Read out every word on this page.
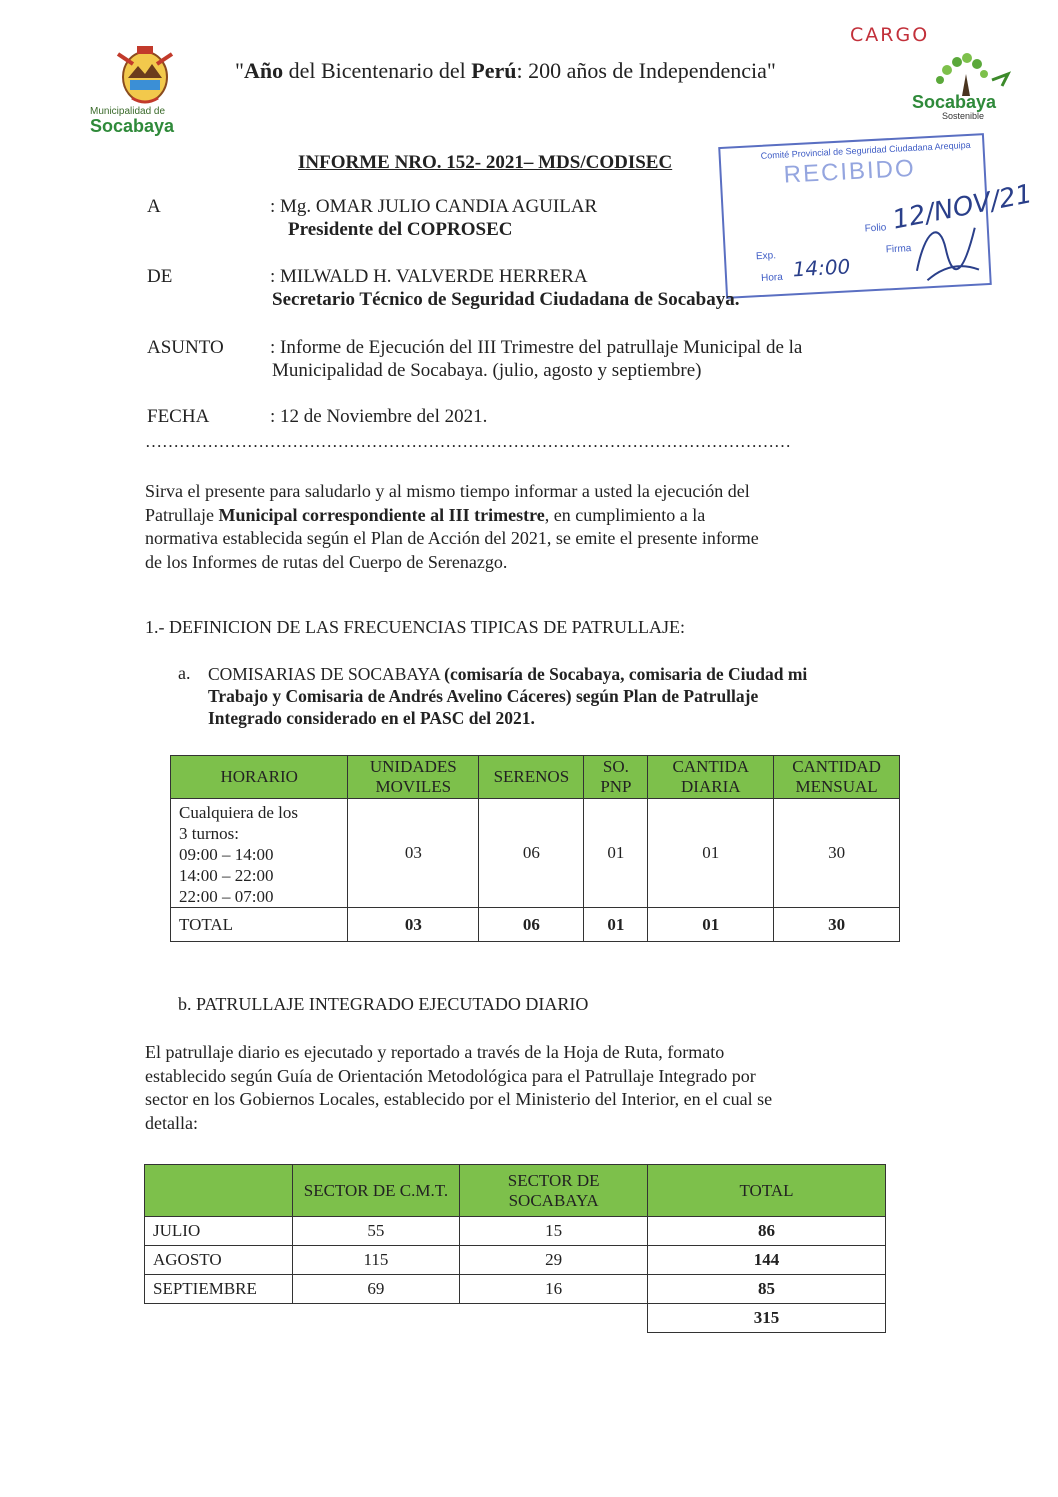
CARGO
Municipalidad de
Socabaya
"Año del Bicentenario del Perú: 200 años de Independencia"
Socabaya
Sostenible
Comité Provincial de Seguridad Ciudadana Arequipa
RECIBIDO
Folio 12/NOV/21
Exp.
Hora 14:00
Firma
INFORME NRO. 152- 2021– MDS/CODISEC
A	: Mg. OMAR JULIO CANDIA AGUILAR
Presidente del COPROSEC
DE	: MILWALD H. VALVERDE HERRERA
Secretario Técnico de Seguridad Ciudadana de Socabaya.
ASUNTO : Informe de Ejecución del III Trimestre del patrullaje Municipal de la
Municipalidad de Socabaya. (julio, agosto y septiembre)
FECHA	: 12 de Noviembre del 2021.
……………………………………………………………………………………………………
Sirva el presente para saludarlo y al mismo tiempo informar a usted la ejecución del
Patrullaje Municipal correspondiente al III trimestre, en cumplimiento a la
normativa establecida según el Plan de Acción del 2021, se emite el presente informe
de los Informes de rutas del Cuerpo de Serenazgo.
1.- DEFINICION DE LAS FRECUENCIAS TIPICAS DE PATRULLAJE:
a. COMISARIAS DE SOCABAYA (comisaría de Socabaya, comisaria de Ciudad mi
Trabajo y Comisaria de Andrés Avelino Cáceres) según Plan de Patrullaje
Integrado considerado en el PASC del 2021.
HORARIO	UNIDADES MOVILES	SERENOS	SO. PNP	CANTIDA DIARIA	CANTIDAD MENSUAL

Cualquiera de los
3 turnos:
09:00 – 14:00
14:00 – 22:00
22:00 – 07:00	03	06	01	01	30
TOTAL	03	06	01	01	30
b. PATRULLAJE INTEGRADO EJECUTADO DIARIO
El patrullaje diario es ejecutado y reportado a través de la Hoja de Ruta, formato
establecido según Guía de Orientación Metodológica para el Patrullaje Integrado por
sector en los Gobiernos Locales, establecido por el Ministerio del Interior, en el cual se
detalla:
	SECTOR DE C.M.T.	SECTOR DE SOCABAYA	TOTAL
JULIO	55	15	86
AGOSTO	115	29	144
SEPTIEMBRE	69	16	85
			315
